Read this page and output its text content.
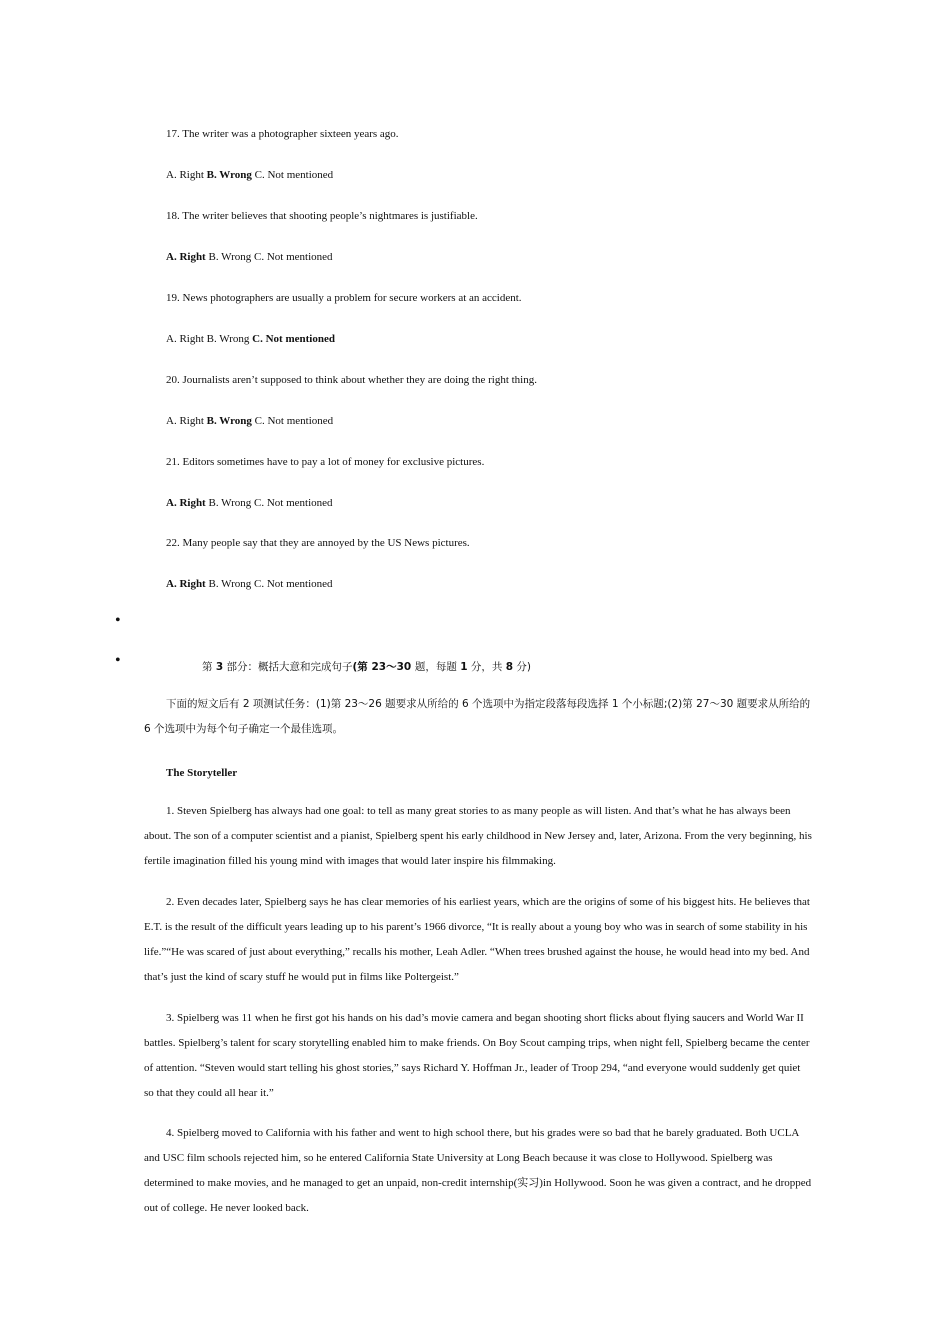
17. The writer was a photographer sixteen years ago.
A. Right B. Wrong C. Not mentioned
18. The writer believes that shooting people’s nightmares is justifiable.
A. Right B. Wrong C. Not mentioned
19. News photographers are usually a problem for secure workers at an accident.
A. Right B. Wrong C. Not mentioned
20. Journalists aren’t supposed to think about whether they are doing the right thing.
A. Right B. Wrong C. Not mentioned
21. Editors sometimes have to pay a lot of money for exclusive pictures.
A. Right B. Wrong C. Not mentioned
22. Many people say that they are annoyed by the US News pictures.
A. Right B. Wrong C. Not mentioned
•
•	第 3 部分：概括大意和完成句子(第 23～30 题，每题 1 分，共 8 分)
下面的短文后有 2 项测试任务：(1)第 23～26 题要求从所给的 6 个选项中为指定段落每段选择 1 个小标题;(2)第 27～30 题要求从所给的 6 个选项中为每个句子确定一个最佳选项。
The Storyteller
1. Steven Spielberg has always had one goal: to tell as many great stories to as many people as will listen. And that’s what he has always been about. The son of a computer scientist and a pianist, Spielberg spent his early childhood in New Jersey and, later, Arizona. From the very beginning, his fertile imagination filled his young mind with images that would later inspire his filmmaking.
2. Even decades later, Spielberg says he has clear memories of his earliest years, which are the origins of some of his biggest hits. He believes that E.T. is the result of the difficult years leading up to his parent’s 1966 divorce, “It is really about a young boy who was in search of some stability in his life.”“He was scared of just about everything,” recalls his mother, Leah Adler. “When trees brushed against the house, he would head into my bed. And that’s just the kind of scary stuff he would put in films like Poltergeist.”
3. Spielberg was 11 when he first got his hands on his dad’s movie camera and began shooting short flicks about flying saucers and World War II battles. Spielberg’s talent for scary storytelling enabled him to make friends. On Boy Scout camping trips, when night fell, Spielberg became the center of attention. “Steven would start telling his ghost stories,” says Richard Y. Hoffman Jr., leader of Troop 294, “and everyone would suddenly get quiet so that they could all hear it.”
4. Spielberg moved to California with his father and went to high school there, but his grades were so bad that he barely graduated. Both UCLA and USC film schools rejected him, so he entered California State University at Long Beach because it was close to Hollywood. Spielberg was determined to make movies, and he managed to get an unpaid, non-credit internship(实习)in Hollywood. Soon he was given a contract, and he dropped out of college. He never looked back.
